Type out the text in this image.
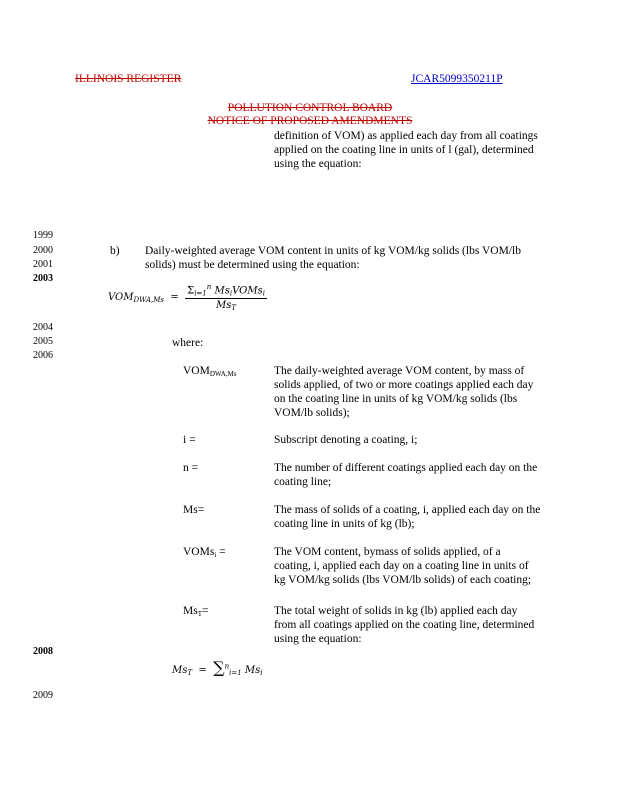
ILLINOIS REGISTER	JCAR5099350211P
POLLUTION CONTROL BOARD
NOTICE OF PROPOSED AMENDMENTS
definition of VOM) as applied each day from all coatings
applied on the coating line in units of l (gal), determined
using the equation:
1999
2000
2001
2003
2004
2005
2006
2008
2009
b) Daily-weighted average VOM content in units of kg VOM/kg solids (lbs VOM/lb
solids) must be determined using the equation:
$VOM_{DWA,Ms} = \frac{\Sigma_{i=1}^n Ms_iVOMs_i}{Ms_T}$
where:
$VOM_{DWA,Ms}$	The daily-weighted average VOM content, by mass of
solids applied, of two or more coatings applied each day
on the coating line in units of kg VOM/kg solids (lbs
VOM/lb solids);
i =	Subscript denoting a coating, i;
n =	The number of different coatings applied each day on the
coating line;
Ms=	The mass of solids of a coating, i, applied each day on the
coating line in units of kg (lb);
VOMs$_i$ =	The VOM content, bymass of solids applied, of a
coating, i, applied each day on a coating line in units of
kg VOM/kg solids (lbs VOM/lb solids) of each coating;
$Ms_T=$	The total weight of solids in kg (lb) applied each day
from all coatings applied on the coating line, determined
using the equation:
$Ms_T = \sum^n_{i=1}$ $Ms_i$
